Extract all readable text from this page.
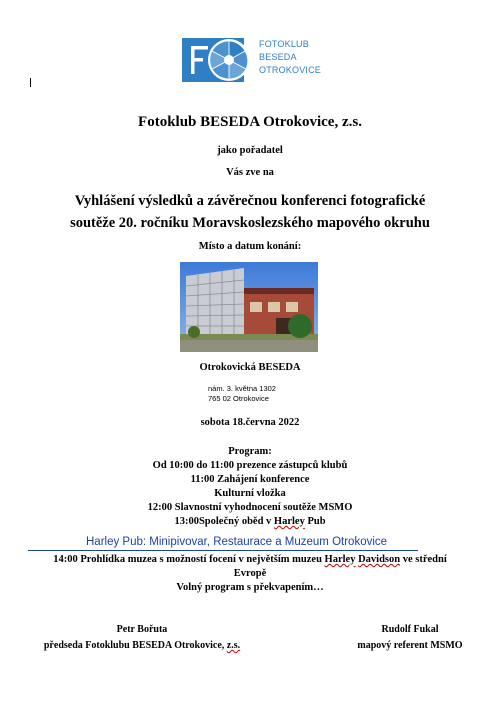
FOTOKLUB
BESEDA
OTROKOVICE
Fotoklub BESEDA Otrokovice, z.s.
jako pořadatel
Vás zve na
Vyhlášení výsledků a závěrečnou konferenci fotografické
soutěže 20. ročníku Moravskoslezského mapového okruhu
Místo a datum konání:
Otrokovická BESEDA
nám. 3. května 1302
765 02 Otrokovice
sobota 18.června 2022
Program:
Od 10:00 do 11:00 prezence zástupců klubů
11:00 Zahájení konference
Kulturní vložka
12:00 Slavnostní vyhodnocení soutěže MSMO
13:00Společný oběd v Harley Pub
Harley Pub: Minipivovar, Restaurace a Muzeum Otrokovice
14:00 Prohlídka muzea s možností focení v největším muzeu Harley Davidson ve střední
Evropě
Volný program s překvapením…
Petr Bořuta
předseda Fotoklubu BESEDA Otrokovice, z.s.
Rudolf Fukal
mapový referent MSMO
